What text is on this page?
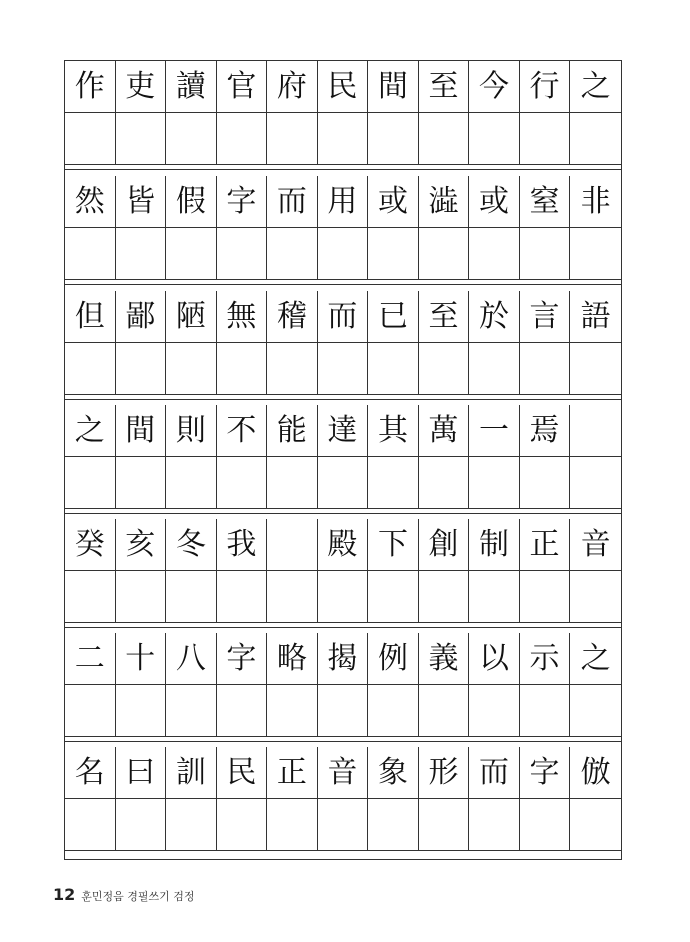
作 吏 讀 官 府 民 間 至 今 行 之
然 皆 假 字 而 用 或 澁 或 窒 非
但 鄙 陋 無 稽 而 已 至 於 言 語
之 間 則 不 能 達 其 萬 一 焉
癸 亥 冬 我	殿 下 創 制 正 音
二 十 八 字 略 揭 例 義 以 示 之
名 曰 訓 民 正 音 象 形 而 字 倣
12 훈민정음 경필쓰기 검정
